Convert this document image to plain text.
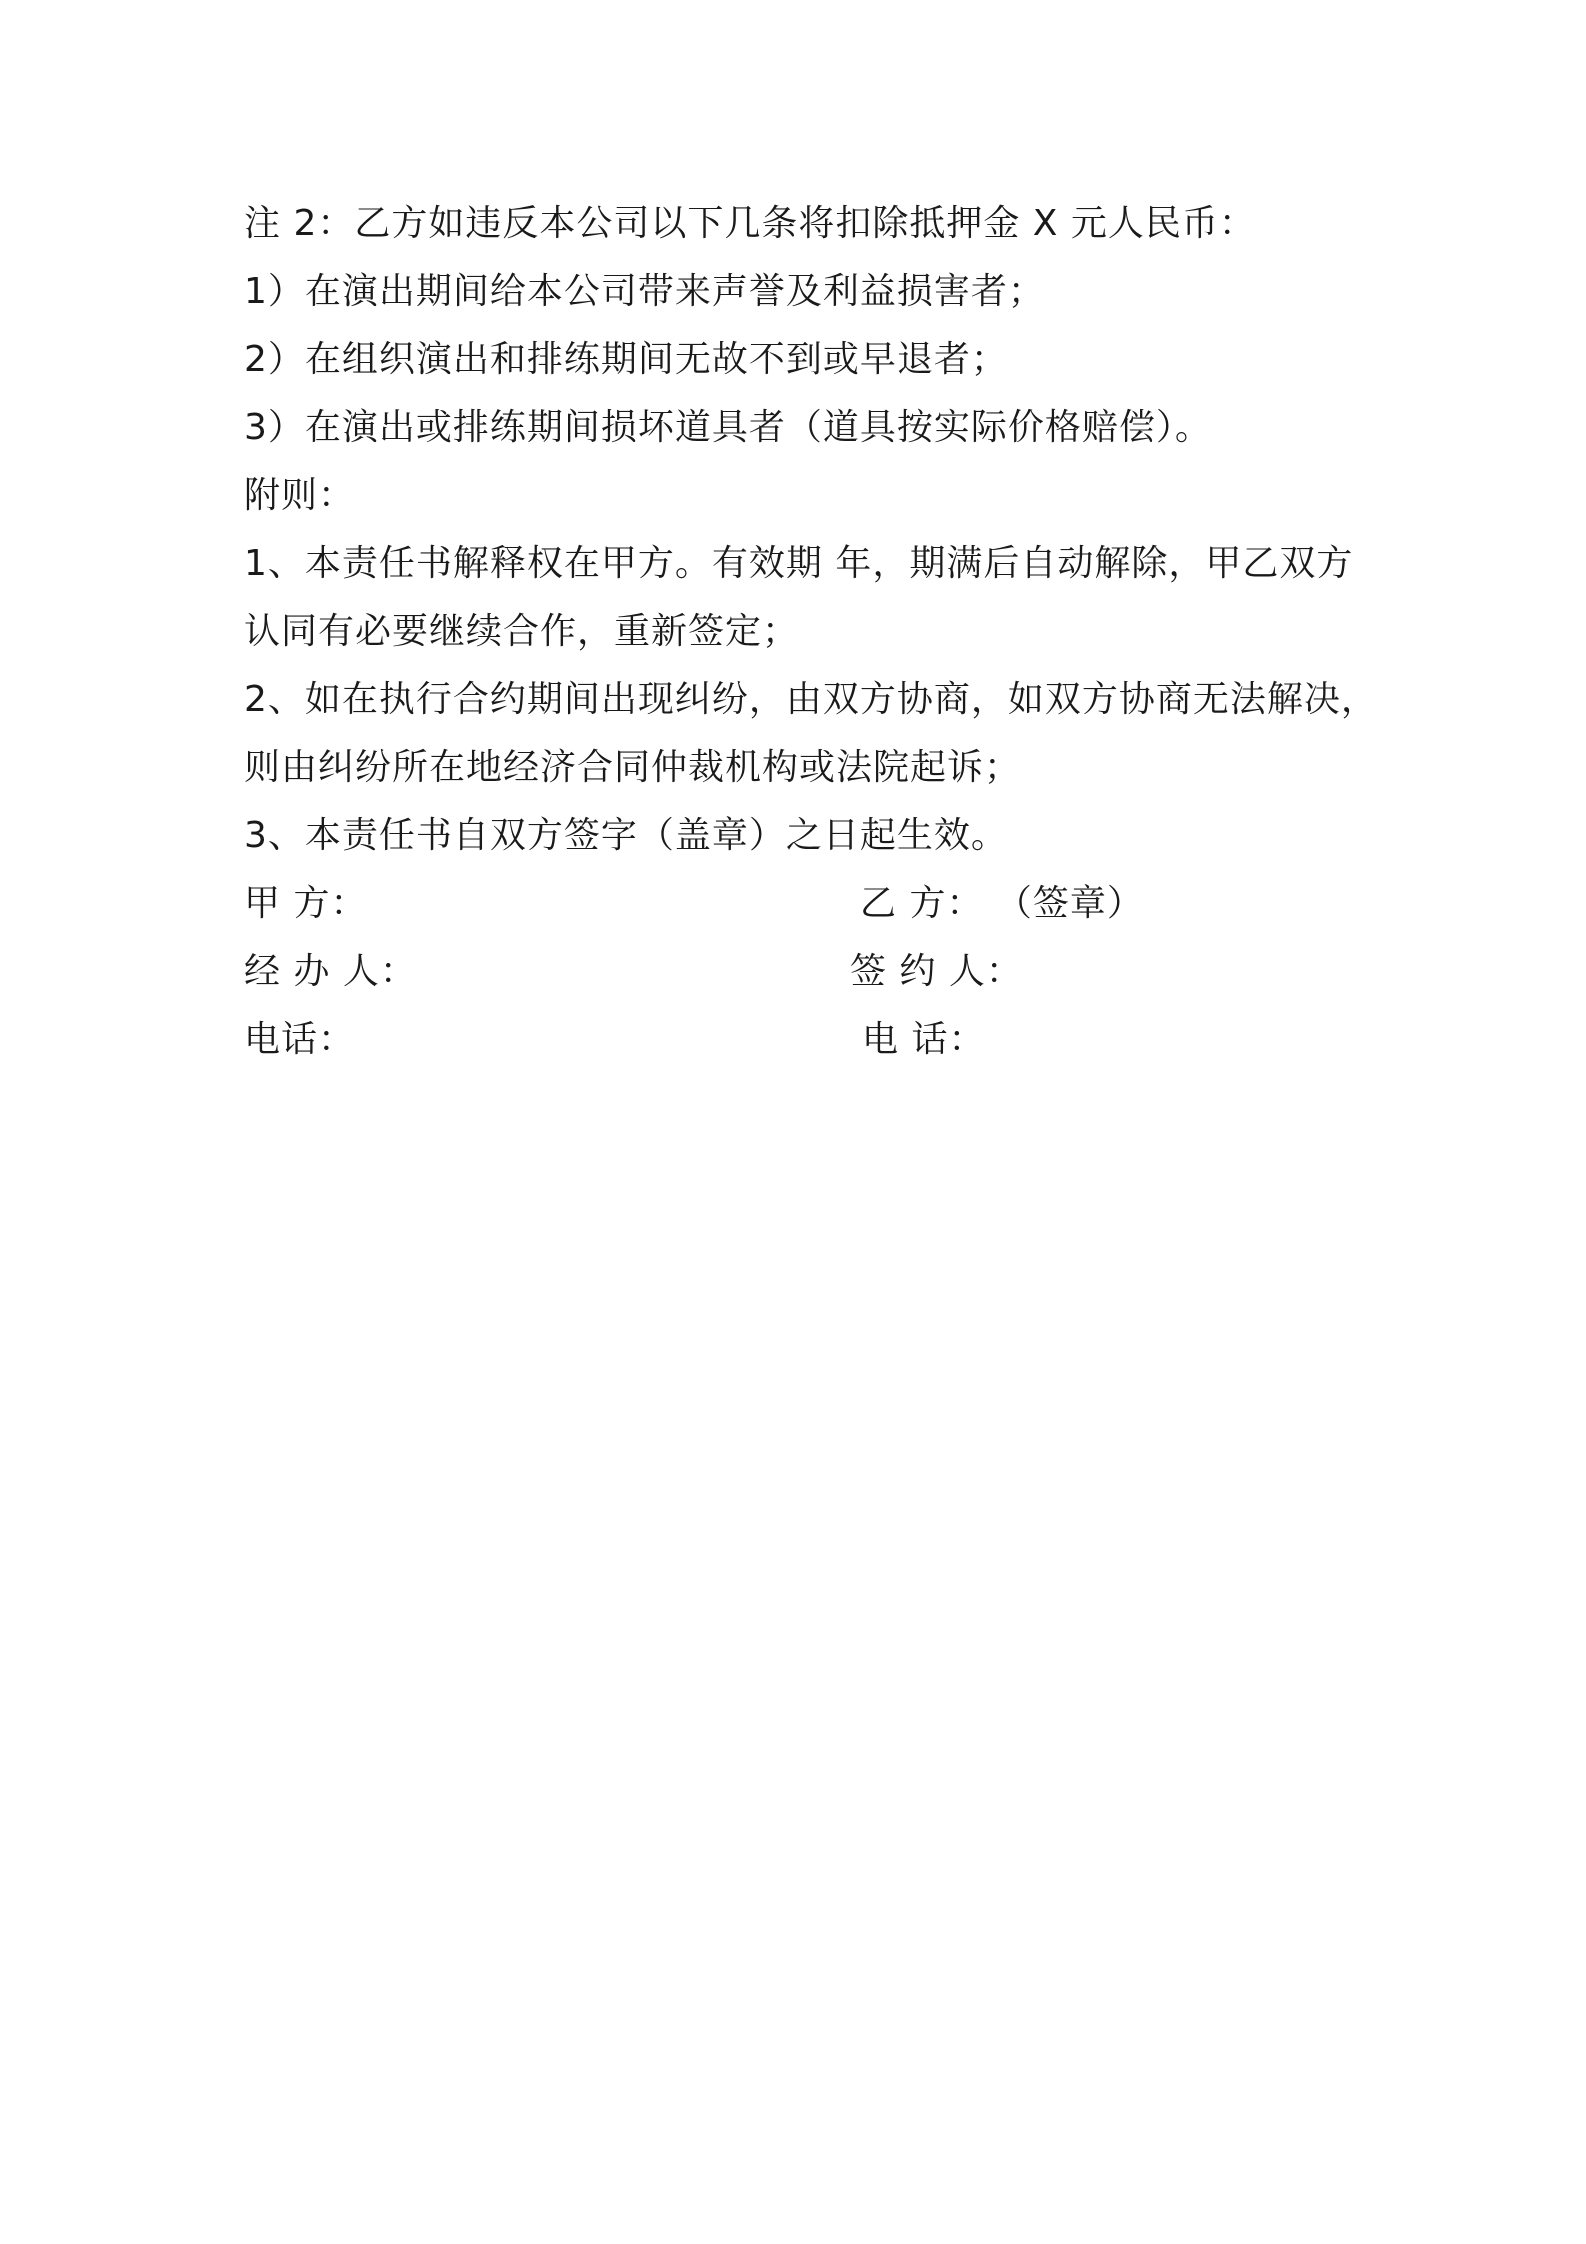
注 2：乙方如违反本公司以下几条将扣除抵押金 X 元人民币：
1）在演出期间给本公司带来声誉及利益损害者；
2）在组织演出和排练期间无故不到或早退者；
3）在演出或排练期间损坏道具者（道具按实际价格赔偿）。
附则：
1、本责任书解释权在甲方。有效期 年，期满后自动解除，甲乙双方
认同有必要继续合作，重新签定；
2、如在执行合约期间出现纠纷，由双方协商，如双方协商无法解决，
则由纠纷所在地经济合同仲裁机构或法院起诉；
3、本责任书自双方签字（盖章）之日起生效。
甲 方：	乙 方： （签章）
经 办 人：	签 约 人：
电话：	电 话：
